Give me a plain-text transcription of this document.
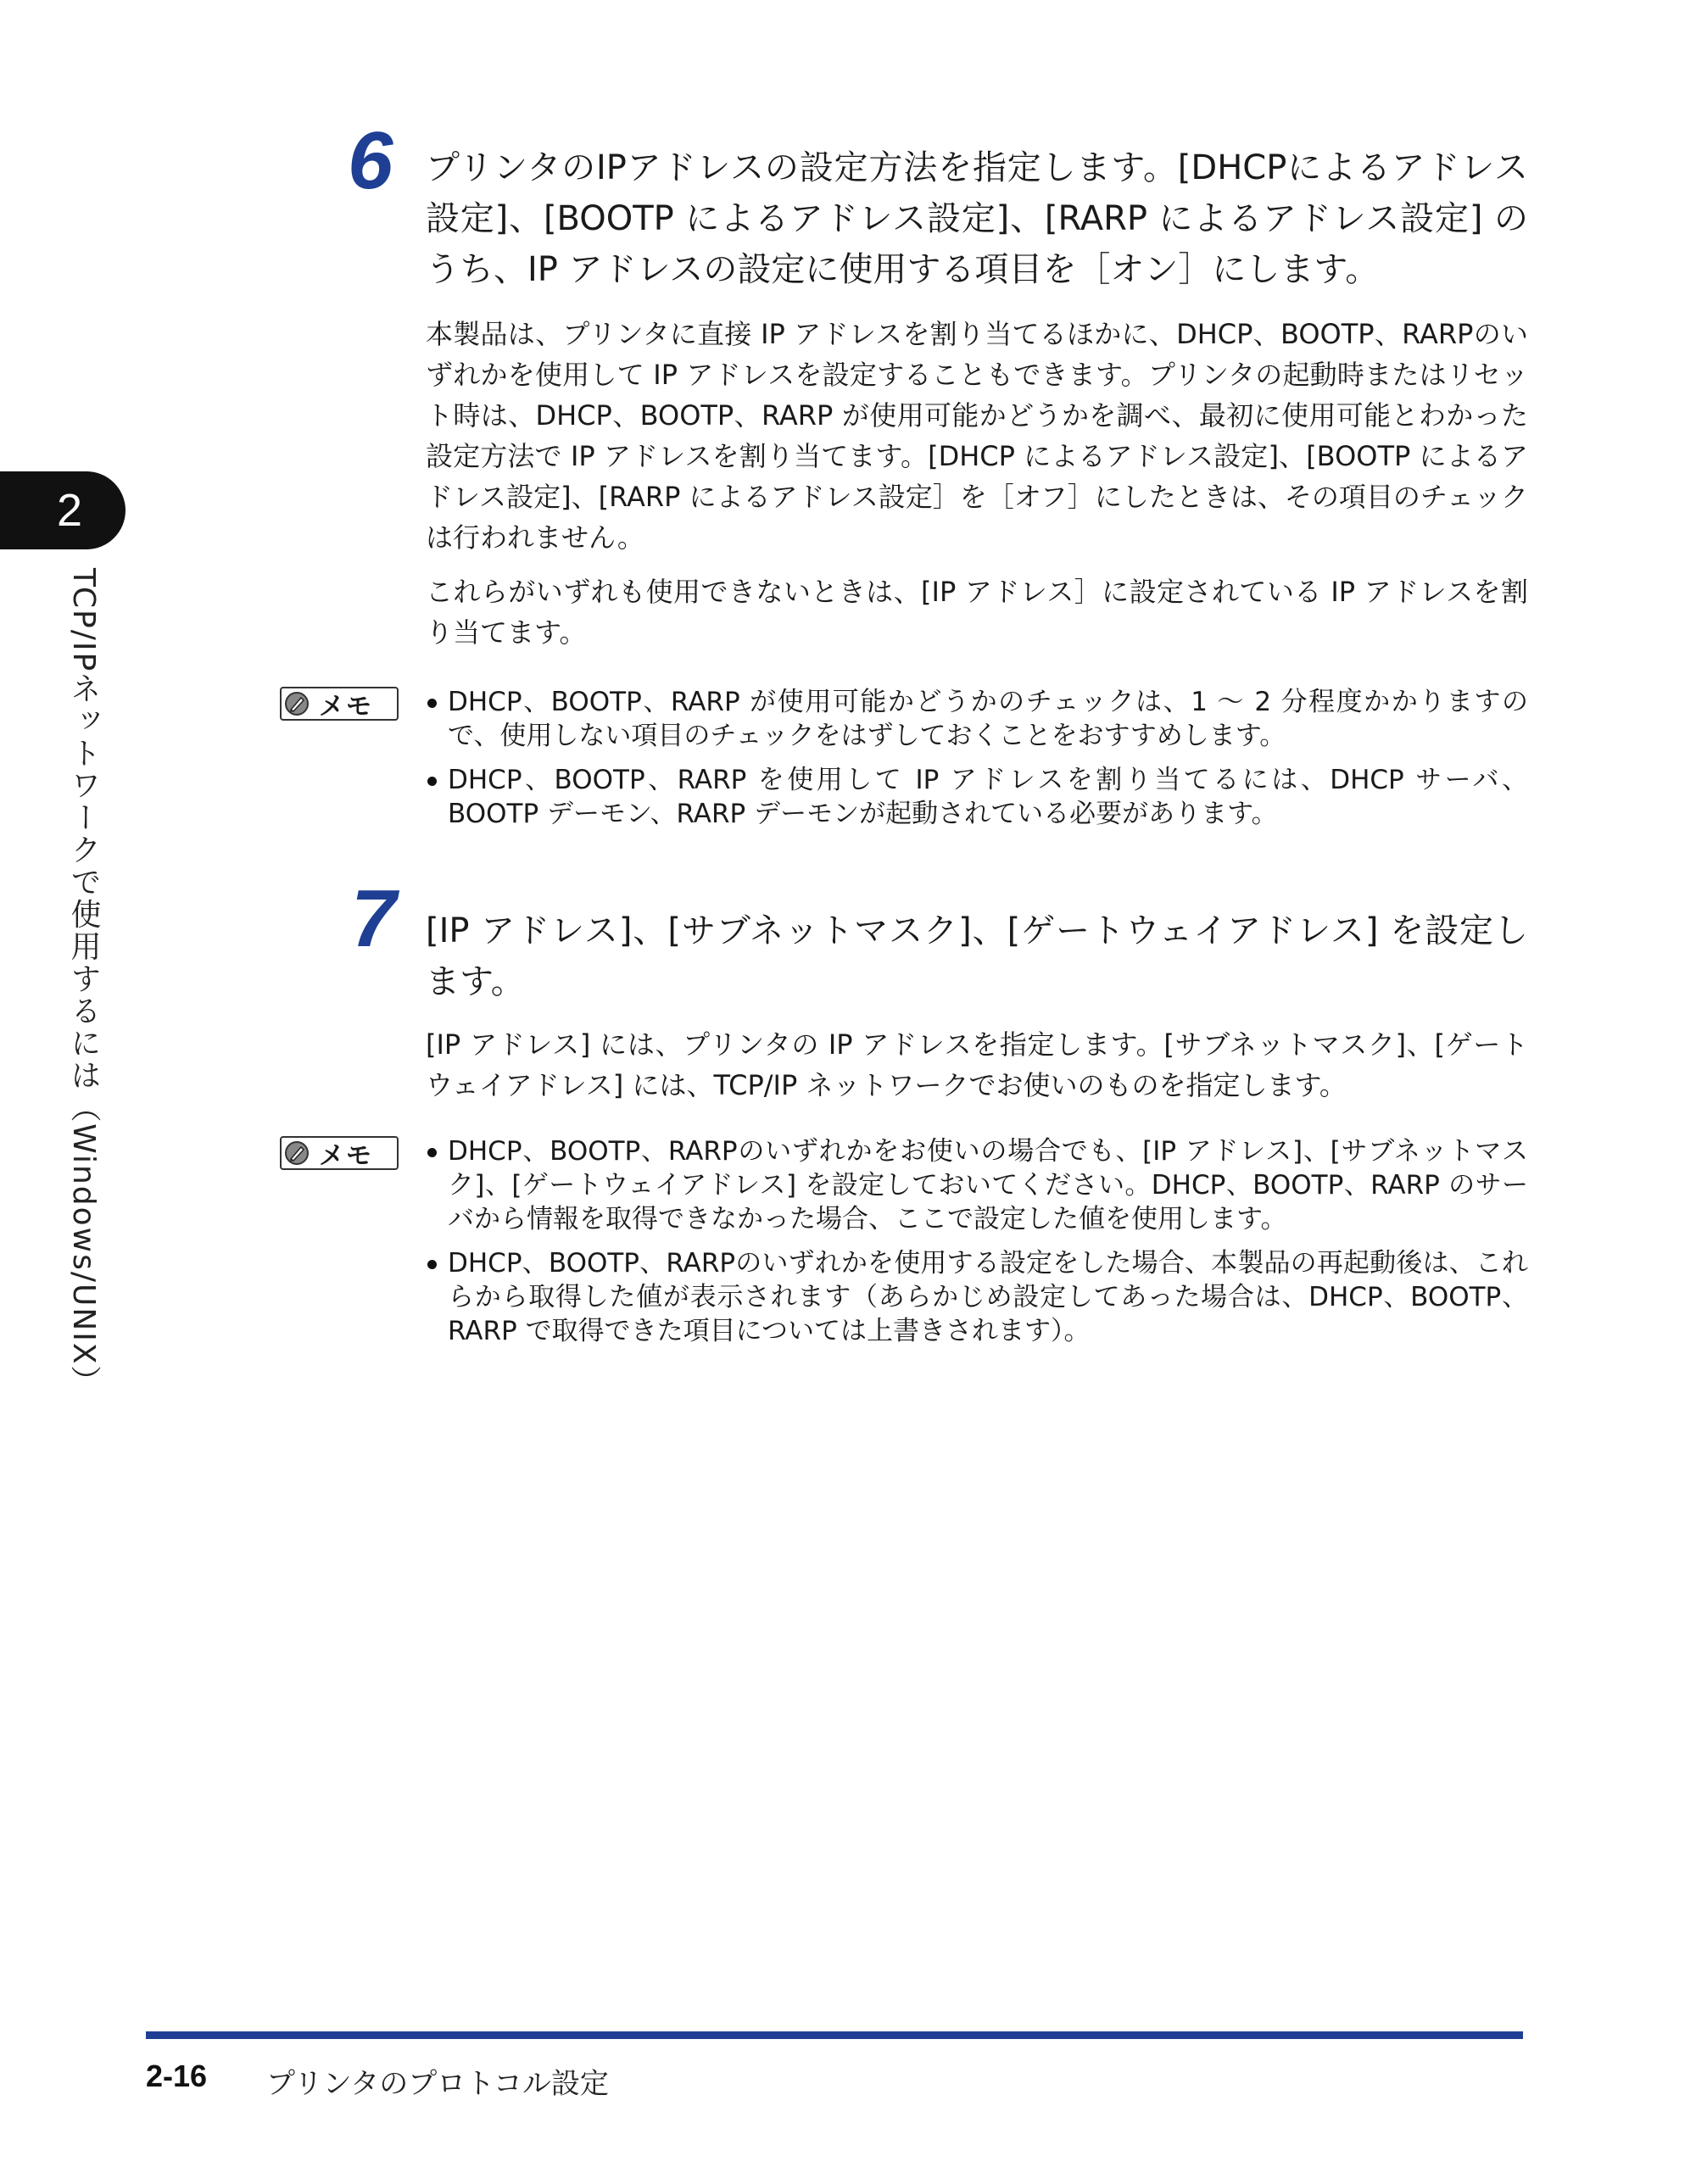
2
TCP/IPネットワークで使用するには（Windows/UNIX）
6 プリンタのIPアドレスの設定方法を指定します。[DHCPによるアドレス設定]、[BOOTP によるアドレス設定]、[RARP によるアドレス設定] のうち、IP アドレスの設定に使用する項目を［オン］にします。

本製品は、プリンタに直接 IP アドレスを割り当てるほかに、DHCP、BOOTP、RARPのいずれかを使用して IP アドレスを設定することもできます。プリンタの起動時またはリセット時は、DHCP、BOOTP、RARP が使用可能かどうかを調べ、最初に使用可能とわかった設定方法で IP アドレスを割り当てます。[DHCP によるアドレス設定]、[BOOTP によるアドレス設定]、[RARP によるアドレス設定］を［オフ］にしたときは、その項目のチェックは行われません。

これらがいずれも使用できないときは、[IP アドレス］に設定されている IP アドレスを割り当てます。

メモ	DHCP、BOOTP、RARP が使用可能かどうかのチェックは、1 ～ 2 分程度かかりますので、使用しない項目のチェックをはずしておくことをおすすめします。
DHCP、BOOTP、RARP を使用して IP アドレスを割り当てるには、DHCP サーバ、BOOTP デーモン、RARP デーモンが起動されている必要があります。
7 [IP アドレス]、[サブネットマスク]、[ゲートウェイアドレス] を設定します。

[IP アドレス] には、プリンタの IP アドレスを指定します。[サブネットマスク]、[ゲートウェイアドレス] には、TCP/IP ネットワークでお使いのものを指定します。

メモ	DHCP、BOOTP、RARPのいずれかをお使いの場合でも、[IP アドレス]、[サブネットマスク]、[ゲートウェイアドレス] を設定しておいてください。DHCP、BOOTP、RARP のサーバから情報を取得できなかった場合、ここで設定した値を使用します。
DHCP、BOOTP、RARPのいずれかを使用する設定をした場合、本製品の再起動後は、これらから取得した値が表示されます（あらかじめ設定してあった場合は、DHCP、BOOTP、RARP で取得できた項目については上書きされます）。
2-16 プリンタのプロトコル設定
